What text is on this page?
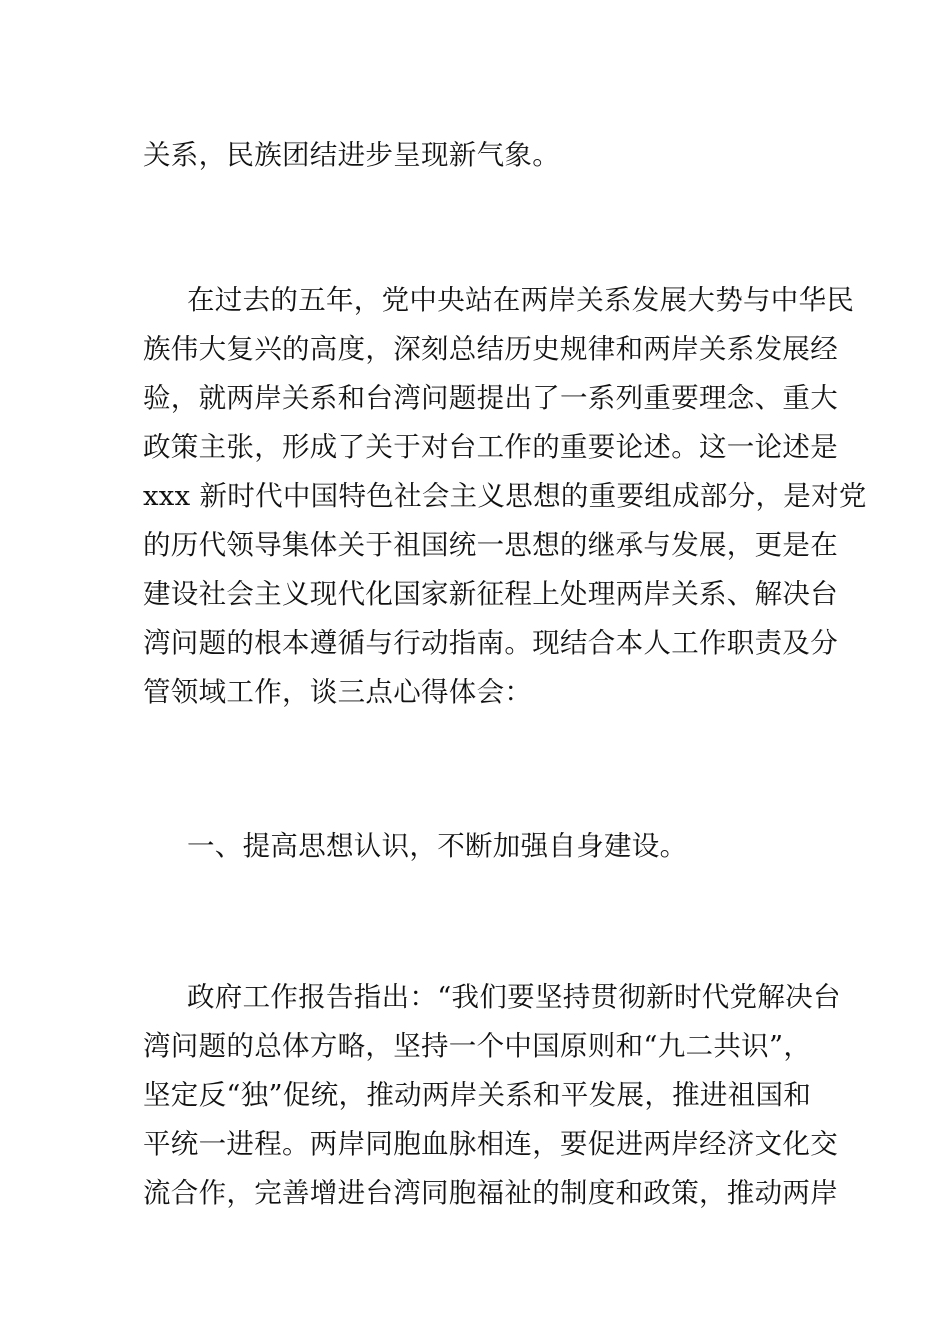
关系，民族团结进步呈现新气象。
在过去的五年，党中央站在两岸关系发展大势与中华民
族伟大复兴的高度，深刻总结历史规律和两岸关系发展经
验，就两岸关系和台湾问题提出了一系列重要理念、重大
政策主张，形成了关于对台工作的重要论述。这一论述是
xxx 新时代中国特色社会主义思想的重要组成部分，是对党
的历代领导集体关于祖国统一思想的继承与发展，更是在
建设社会主义现代化国家新征程上处理两岸关系、解决台
湾问题的根本遵循与行动指南。现结合本人工作职责及分
管领域工作，谈三点心得体会：
一、提高思想认识，不断加强自身建设。
政府工作报告指出：“我们要坚持贯彻新时代党解决台
湾问题的总体方略，坚持一个中国原则和“九二共识”，
坚定反“独”促统，推动两岸关系和平发展，推进祖国和
平统一进程。两岸同胞血脉相连，要促进两岸经济文化交
流合作，完善增进台湾同胞福祉的制度和政策，推动两岸
